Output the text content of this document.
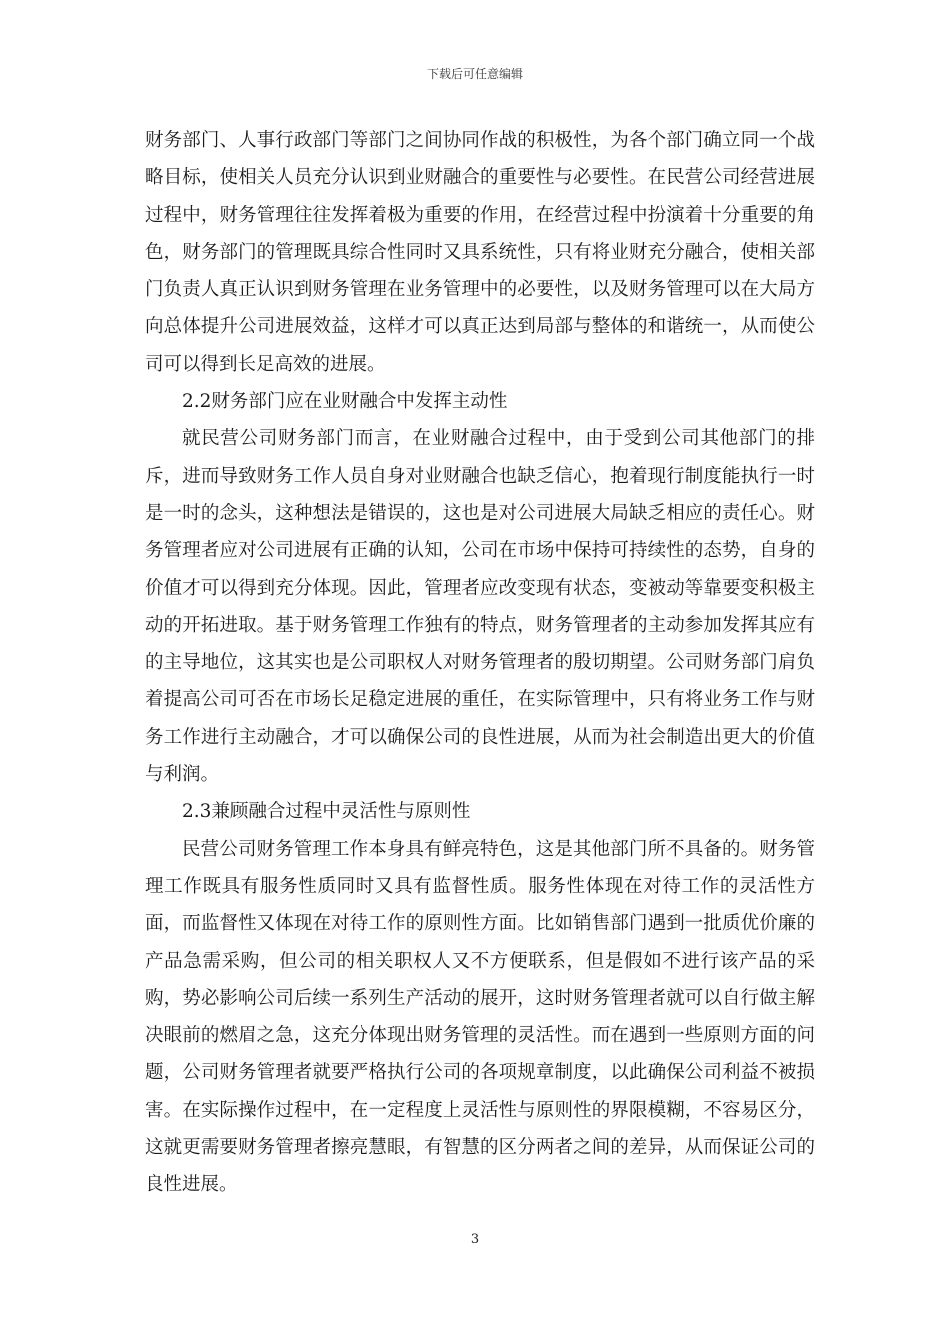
下载后可任意编辑

财务部门、人事行政部门等部门之间协同作战的积极性，为各个部门确立同一个战略目标，使相关人员充分认识到业财融合的重要性与必要性。在民营公司经营进展过程中，财务管理往往发挥着极为重要的作用，在经营过程中扮演着十分重要的角色，财务部门的管理既具综合性同时又具系统性，只有将业财充分融合，使相关部门负责人真正认识到财务管理在业务管理中的必要性，以及财务管理可以在大局方向总体提升公司进展效益，这样才可以真正达到局部与整体的和谐统一，从而使公司可以得到长足高效的进展。

2.2财务部门应在业财融合中发挥主动性

就民营公司财务部门而言，在业财融合过程中，由于受到公司其他部门的排斥，进而导致财务工作人员自身对业财融合也缺乏信心，抱着现行制度能执行一时是一时的念头，这种想法是错误的，这也是对公司进展大局缺乏相应的责任心。财务管理者应对公司进展有正确的认知，公司在市场中保持可持续性的态势，自身的价值才可以得到充分体现。因此，管理者应改变现有状态，变被动等靠要变积极主动的开拓进取。基于财务管理工作独有的特点，财务管理者的主动参加发挥其应有的主导地位，这其实也是公司职权人对财务管理者的殷切期望。公司财务部门肩负着提高公司可否在市场长足稳定进展的重任，在实际管理中，只有将业务工作与财务工作进行主动融合，才可以确保公司的良性进展，从而为社会制造出更大的价值与利润。

2.3兼顾融合过程中灵活性与原则性

民营公司财务管理工作本身具有鲜亮特色，这是其他部门所不具备的。财务管理工作既具有服务性质同时又具有监督性质。服务性体现在对待工作的灵活性方面，而监督性又体现在对待工作的原则性方面。比如销售部门遇到一批质优价廉的产品急需采购，但公司的相关职权人又不方便联系，但是假如不进行该产品的采购，势必影响公司后续一系列生产活动的展开，这时财务管理者就可以自行做主解决眼前的燃眉之急，这充分体现出财务管理的灵活性。而在遇到一些原则方面的问题，公司财务管理者就要严格执行公司的各项规章制度，以此确保公司利益不被损害。在实际操作过程中，在一定程度上灵活性与原则性的界限模糊，不容易区分，这就更需要财务管理者擦亮慧眼，有智慧的区分两者之间的差异，从而保证公司的良性进展。

3
